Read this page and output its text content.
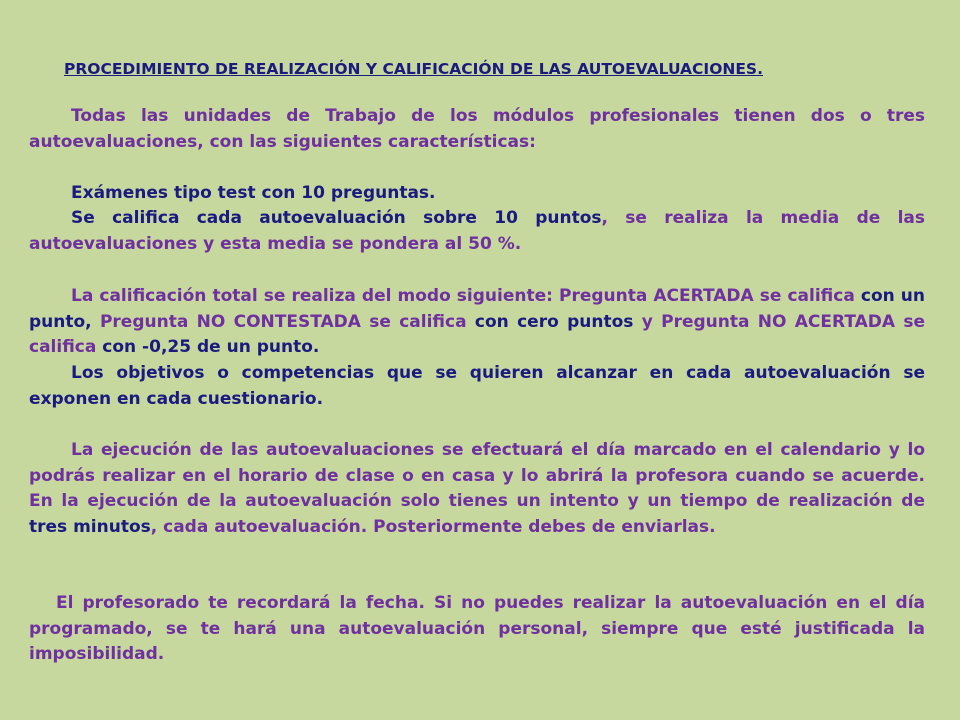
PROCEDIMIENTO DE REALIZACIÓN Y CALIFICACIÓN DE LAS AUTOEVALUACIONES.
Todas las unidades de Trabajo de los módulos profesionales tienen dos o tres autoevaluaciones, con las siguientes características:
Exámenes tipo test con 10 preguntas.
Se califica cada autoevaluación sobre 10 puntos, se realiza la media de las autoevaluaciones y esta media se pondera al 50 %.
La calificación total se realiza del modo siguiente: Pregunta ACERTADA se califica con un punto, Pregunta NO CONTESTADA se califica con cero puntos y Pregunta NO ACERTADA se califica con -0,25 de un punto.
Los objetivos o competencias que se quieren alcanzar en cada autoevaluación se exponen en cada cuestionario.
La ejecución de las autoevaluaciones se efectuará el día marcado en el calendario y lo podrás realizar en el horario de clase o en casa y lo abrirá la profesora cuando se acuerde. En la ejecución de la autoevaluación solo tienes un intento y un tiempo de realización de tres minutos, cada autoevaluación. Posteriormente debes de enviarlas.
El profesorado te recordará la fecha. Si no puedes realizar la autoevaluación en el día programado, se te hará una autoevaluación personal, siempre que esté justificada la imposibilidad.
